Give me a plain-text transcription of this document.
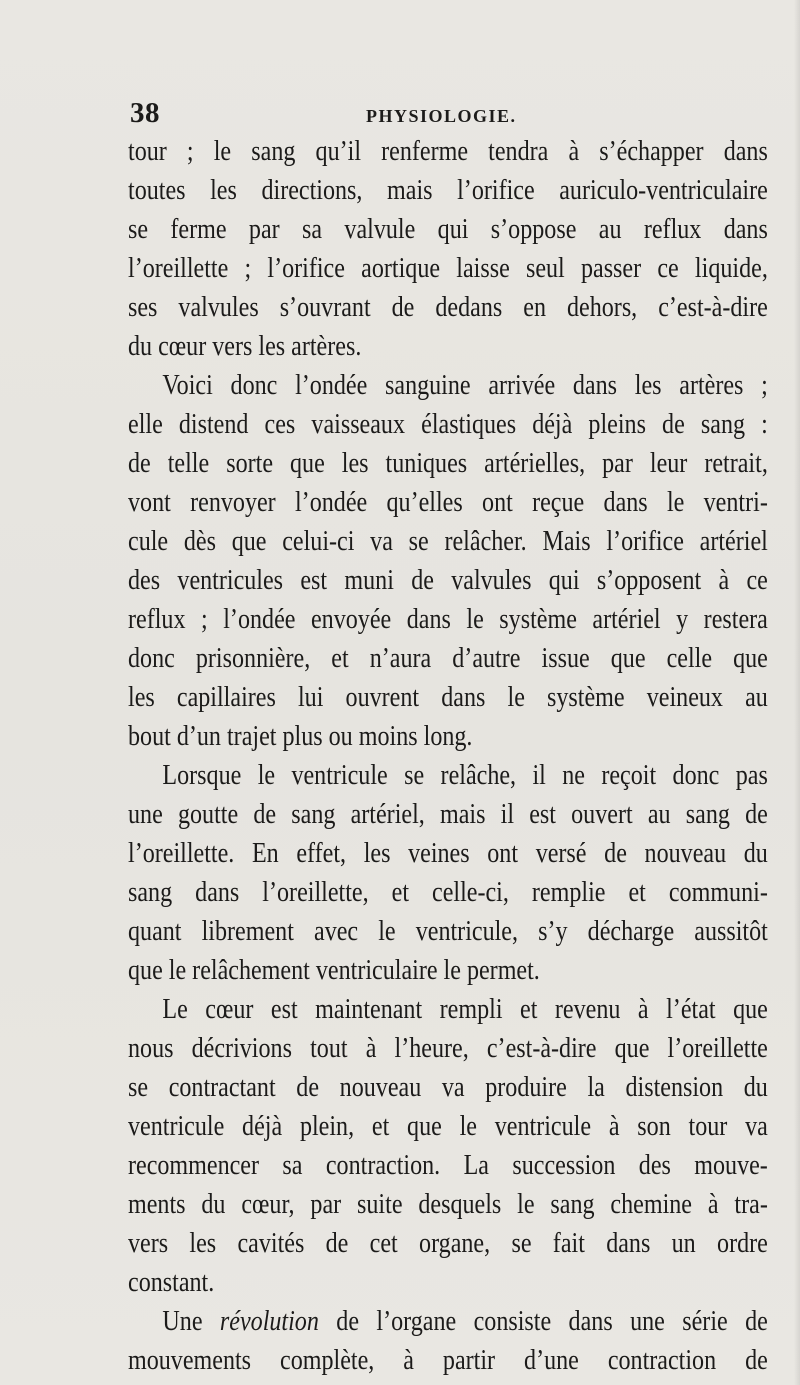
38	PHYSIOLOGIE.
tour ; le sang qu’il renferme tendra à s’échapper dans
toutes les directions, mais l’orifice auriculo-ventriculaire
se ferme par sa valvule qui s’oppose au reflux dans
l’oreillette ; l’orifice aortique laisse seul passer ce liquide,
ses valvules s’ouvrant de dedans en dehors, c’est-à-dire
du cœur vers les artères.
Voici donc l’ondée sanguine arrivée dans les artères ;
elle distend ces vaisseaux élastiques déjà pleins de sang :
de telle sorte que les tuniques artérielles, par leur retrait,
vont renvoyer l’ondée qu’elles ont reçue dans le ventri-
cule dès que celui-ci va se relâcher. Mais l’orifice artériel
des ventricules est muni de valvules qui s’opposent à ce
reflux ; l’ondée envoyée dans le système artériel y restera
donc prisonnière, et n’aura d’autre issue que celle que
les capillaires lui ouvrent dans le système veineux au
bout d’un trajet plus ou moins long.
Lorsque le ventricule se relâche, il ne reçoit donc pas
une goutte de sang artériel, mais il est ouvert au sang de
l’oreillette. En effet, les veines ont versé de nouveau du
sang dans l’oreillette, et celle-ci, remplie et communi-
quant librement avec le ventricule, s’y décharge aussitôt
que le relâchement ventriculaire le permet.
Le cœur est maintenant rempli et revenu à l’état que
nous décrivions tout à l’heure, c’est-à-dire que l’oreillette
se contractant de nouveau va produire la distension du
ventricule déjà plein, et que le ventricule à son tour va
recommencer sa contraction. La succession des mouve-
ments du cœur, par suite desquels le sang chemine à tra-
vers les cavités de cet organe, se fait dans un ordre
constant.
Une révolution de l’organe consiste dans une série de
mouvements complète, à partir d’une contraction de
